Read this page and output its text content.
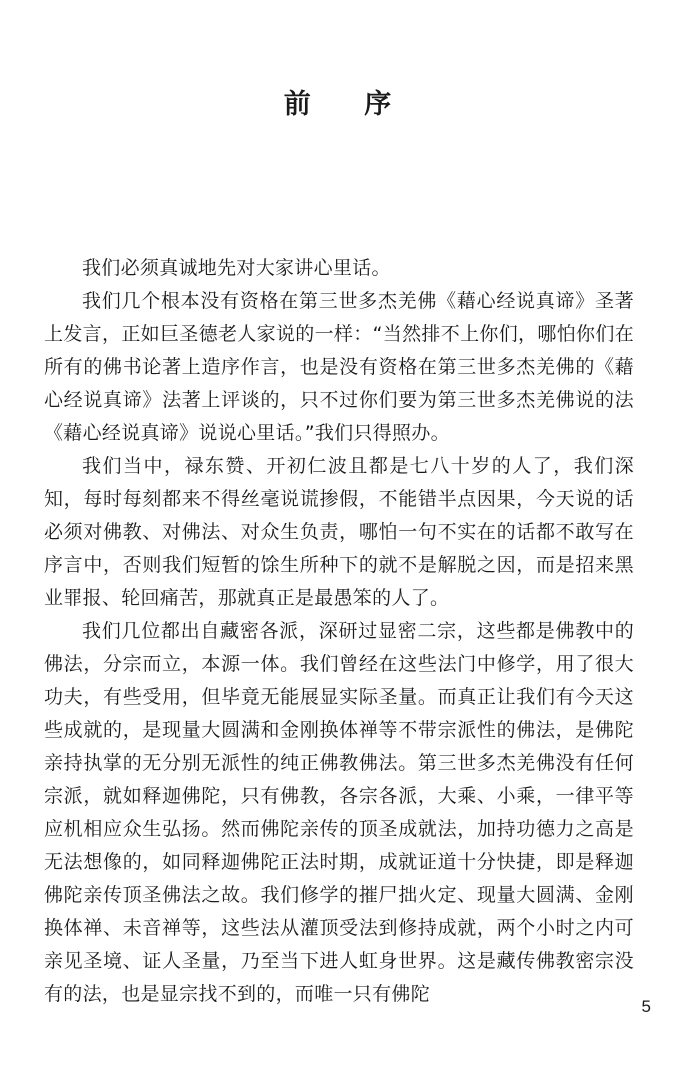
前 序

我们必须真诚地先对大家讲心里话。

我们几个根本没有资格在第三世多杰羌佛《藉心经说真谛》圣著上发言，正如巨圣德老人家说的一样：“当然排不上你们，哪怕你们在所有的佛书论著上造序作言，也是没有资格在第三世多杰羌佛的《藉心经说真谛》法著上评谈的，只不过你们要为第三世多杰羌佛说的法《藉心经说真谛》说说心里话。”我们只得照办。

我们当中，禄东赞、开初仁波且都是七八十岁的人了，我们深知，每时每刻都来不得丝毫说谎掺假，不能错半点因果，今天说的话必须对佛教、对佛法、对众生负责，哪怕一句不实在的话都不敢写在序言中，否则我们短暂的馀生所种下的就不是解脱之因，而是招来黑业罪报、轮回痛苦，那就真正是最愚笨的人了。

我们几位都出自藏密各派，深研过显密二宗，这些都是佛教中的佛法，分宗而立，本源一体。我们曾经在这些法门中修学，用了很大功夫，有些受用，但毕竟无能展显实际圣量。而真正让我们有今天这些成就的，是现量大圆满和金刚换体禅等不带宗派性的佛法，是佛陀亲持执掌的无分别无派性的纯正佛教佛法。第三世多杰羌佛没有任何宗派，就如释迦佛陀，只有佛教，各宗各派，大乘、小乘，一律平等应机相应众生弘扬。然而佛陀亲传的顶圣成就法，加持功德力之高是无法想像的，如同释迦佛陀正法时期，成就证道十分快捷，即是释迦佛陀亲传顶圣佛法之故。我们修学的摧尸拙火定、现量大圆满、金刚换体禅、未音禅等，这些法从灌顶受法到修持成就，两个小时之内可亲见圣境、证人圣量，乃至当下进人虹身世界。这是藏传佛教密宗没有的法，也是显宗找不到的，而唯一只有佛陀

5
